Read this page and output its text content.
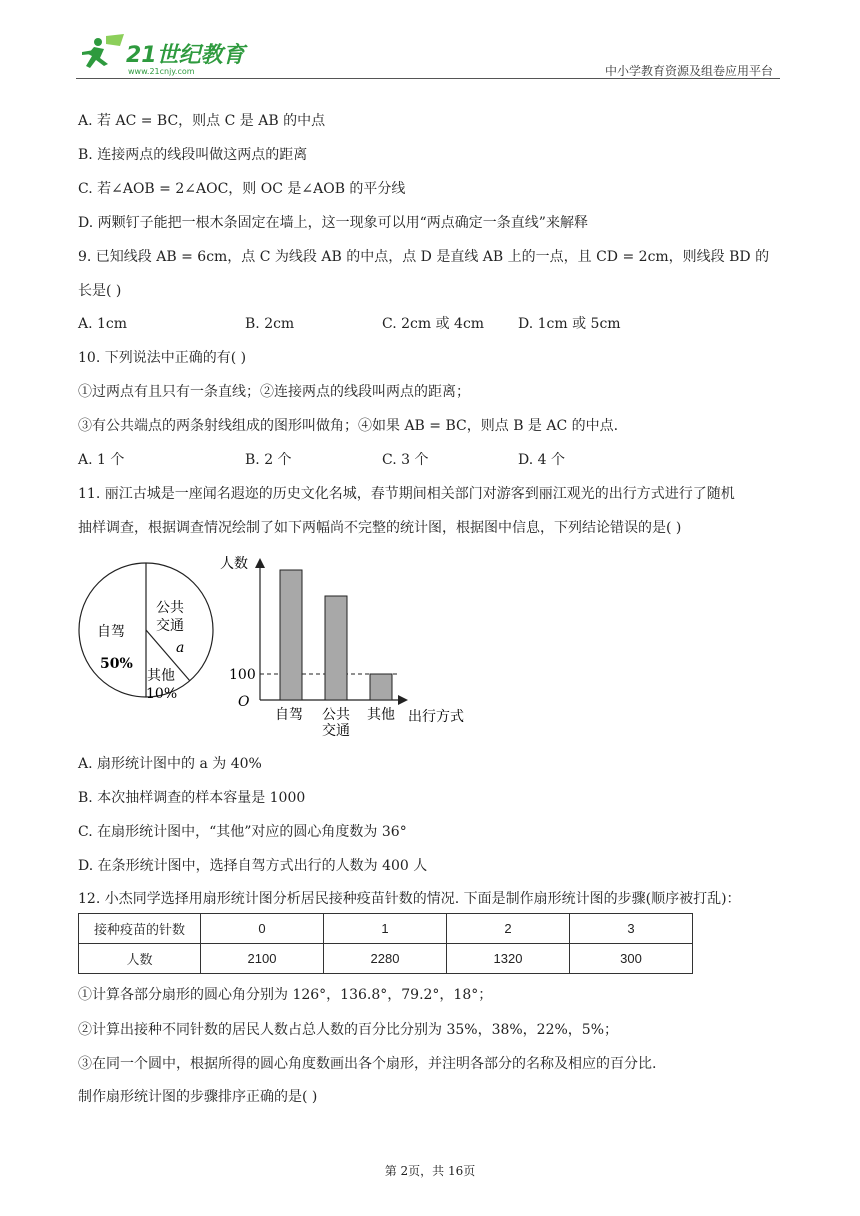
21世纪教育
www.21cnjy.com	中小学教育资源及组卷应用平台
A. 若 AC = BC，则点 C 是 AB 的中点
B. 连接两点的线段叫做这两点的距离
C. 若∠AOB = 2∠AOC，则 OC 是∠AOB 的平分线
D. 两颗钉子能把一根木条固定在墙上，这一现象可以用“两点确定一条直线”来解释
9. 已知线段 AB = 6cm，点 C 为线段 AB 的中点，点 D 是直线 AB 上的一点，且 CD = 2cm，则线段 BD 的
长是( )
A. 1cm	B. 2cm	C. 2cm 或 4cm D. 1cm 或 5cm
10. 下列说法中正确的有( )
①过两点有且只有一条直线；②连接两点的线段叫两点的距离；
③有公共端点的两条射线组成的图形叫做角；④如果 AB = BC，则点 B 是 AC 的中点.
A. 1 个	B. 2 个	C. 3 个	D. 4 个
11. 丽江古城是一座闻名遐迩的历史文化名城，春节期间相关部门对游客到丽江观光的出行方式进行了随机
抽样调查，根据调查情况绘制了如下两幅尚不完整的统计图，根据图中信息，下列结论错误的是( )
自驾
50%
公共
交通
a
其他
10%
人数
O
100
自驾 公共
交通
其他 出行方式
A. 扇形统计图中的 a 为 40%
B. 本次抽样调查的样本容量是 1000
C. 在扇形统计图中，“其他”对应的圆心角度数为 36°
D. 在条形统计图中，选择自驾方式出行的人数为 400 人
12. 小杰同学选择用扇形统计图分析居民接种疫苗针数的情况. 下面是制作扇形统计图的步骤(顺序被打乱)：
接种疫苗的针数	0	1	2	3
人数	2100	2280	1320	300
①计算各部分扇形的圆心角分别为 126°，136.8°，79.2°，18°；
②计算出接种不同针数的居民人数占总人数的百分比分别为 35%，38%，22%，5%；
③在同一个圆中，根据所得的圆心角度数画出各个扇形，并注明各部分的名称及相应的百分比.
制作扇形统计图的步骤排序正确的是( )
第 2页，共 16页
